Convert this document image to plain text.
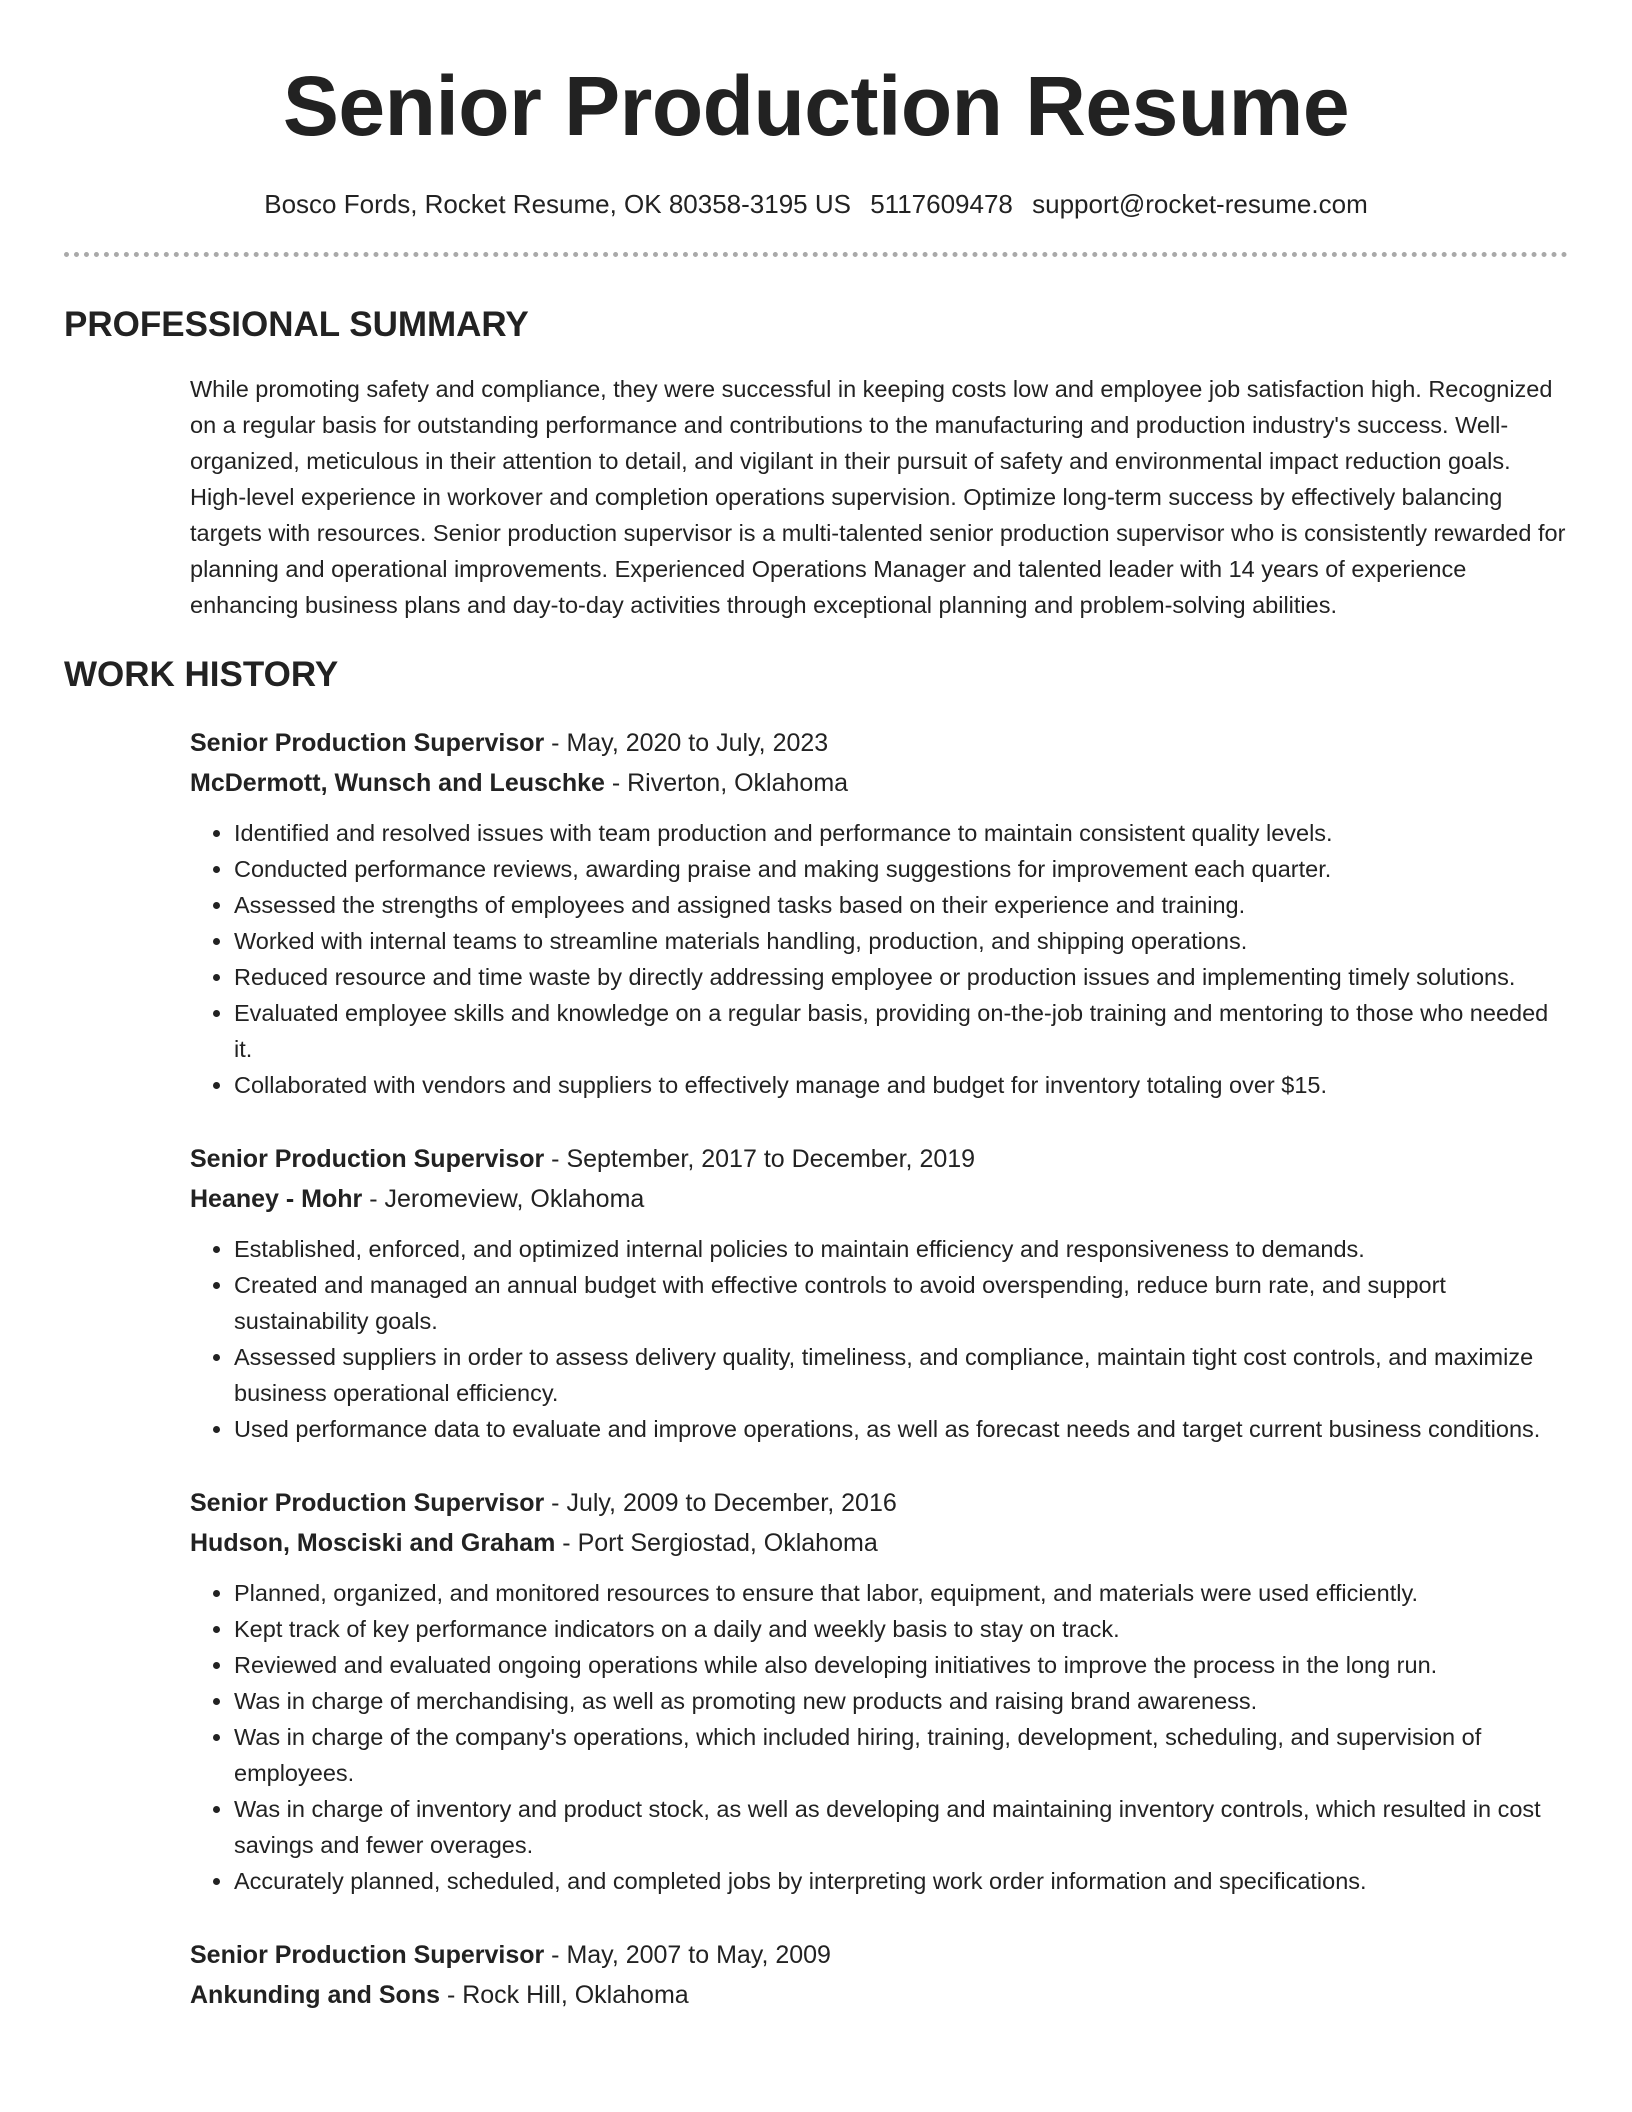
Senior Production Resume
Bosco Fords, Rocket Resume, OK 80358-3195 US 5117609478 support@rocket-resume.com
PROFESSIONAL SUMMARY

While promoting safety and compliance, they were successful in keeping costs low and employee job satisfaction high. Recognized on a regular basis for outstanding performance and contributions to the manufacturing and production industry's success. Well-organized, meticulous in their attention to detail, and vigilant in their pursuit of safety and environmental impact reduction goals. High-level experience in workover and completion operations supervision. Optimize long-term success by effectively balancing targets with resources. Senior production supervisor is a multi-talented senior production supervisor who is consistently rewarded for planning and operational improvements. Experienced Operations Manager and talented leader with 14 years of experience enhancing business plans and day-to-day activities through exceptional planning and problem-solving abilities.

WORK HISTORY
Senior Production Supervisor - May, 2020 to July, 2023
McDermott, Wunsch and Leuschke - Riverton, Oklahoma
• Identified and resolved issues with team production and performance to maintain consistent quality levels.
• Conducted performance reviews, awarding praise and making suggestions for improvement each quarter.
• Assessed the strengths of employees and assigned tasks based on their experience and training.
• Worked with internal teams to streamline materials handling, production, and shipping operations.
• Reduced resource and time waste by directly addressing employee or production issues and implementing timely solutions.
• Evaluated employee skills and knowledge on a regular basis, providing on-the-job training and mentoring to those who needed it.
• Collaborated with vendors and suppliers to effectively manage and budget for inventory totaling over $15.
Senior Production Supervisor - September, 2017 to December, 2019
Heaney - Mohr - Jeromeview, Oklahoma
• Established, enforced, and optimized internal policies to maintain efficiency and responsiveness to demands.
• Created and managed an annual budget with effective controls to avoid overspending, reduce burn rate, and support sustainability goals.
• Assessed suppliers in order to assess delivery quality, timeliness, and compliance, maintain tight cost controls, and maximize business operational efficiency.
• Used performance data to evaluate and improve operations, as well as forecast needs and target current business conditions.
Senior Production Supervisor - July, 2009 to December, 2016
Hudson, Mosciski and Graham - Port Sergiostad, Oklahoma
• Planned, organized, and monitored resources to ensure that labor, equipment, and materials were used efficiently.
• Kept track of key performance indicators on a daily and weekly basis to stay on track.
• Reviewed and evaluated ongoing operations while also developing initiatives to improve the process in the long run.
• Was in charge of merchandising, as well as promoting new products and raising brand awareness.
• Was in charge of the company's operations, which included hiring, training, development, scheduling, and supervision of employees.
• Was in charge of inventory and product stock, as well as developing and maintaining inventory controls, which resulted in cost savings and fewer overages.
• Accurately planned, scheduled, and completed jobs by interpreting work order information and specifications.
Senior Production Supervisor - May, 2007 to May, 2009
Ankunding and Sons - Rock Hill, Oklahoma
